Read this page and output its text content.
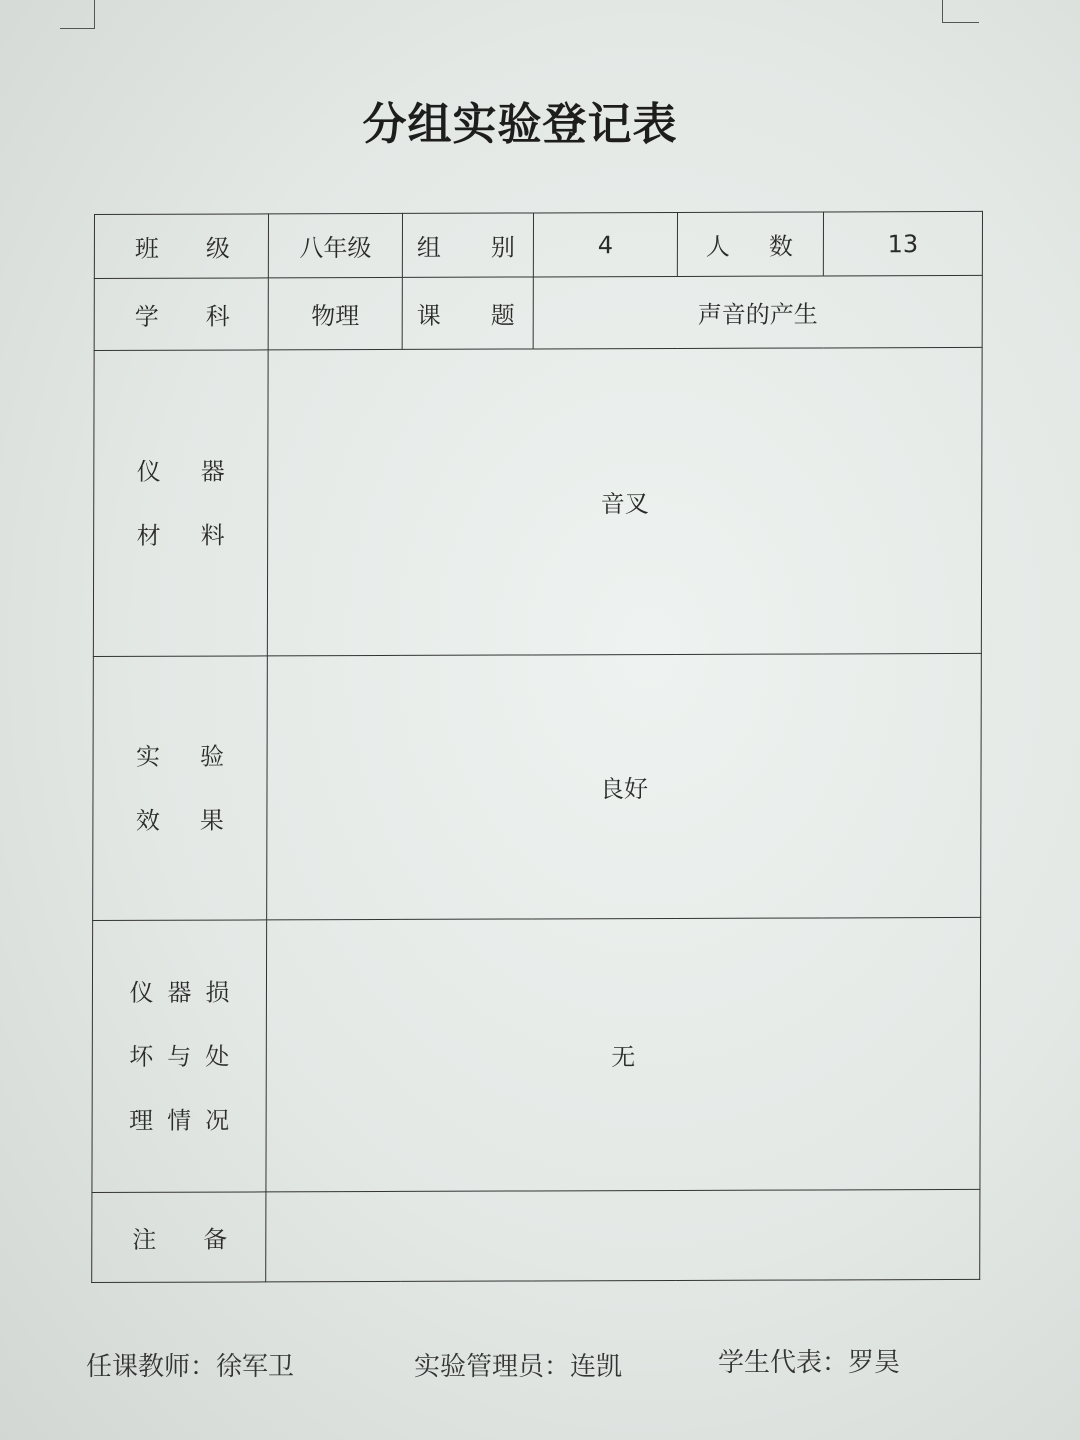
分组实验登记表
班级	八年级	组别	4	人数	13
学科	物理	课题	声音的产生		

仪器
材料	音叉				

实验
效果	良好				

仪器损
坏与处
理情况	无				
注备					
任课教师：徐军卫	实验管理员：连凯	学生代表：罗昊
